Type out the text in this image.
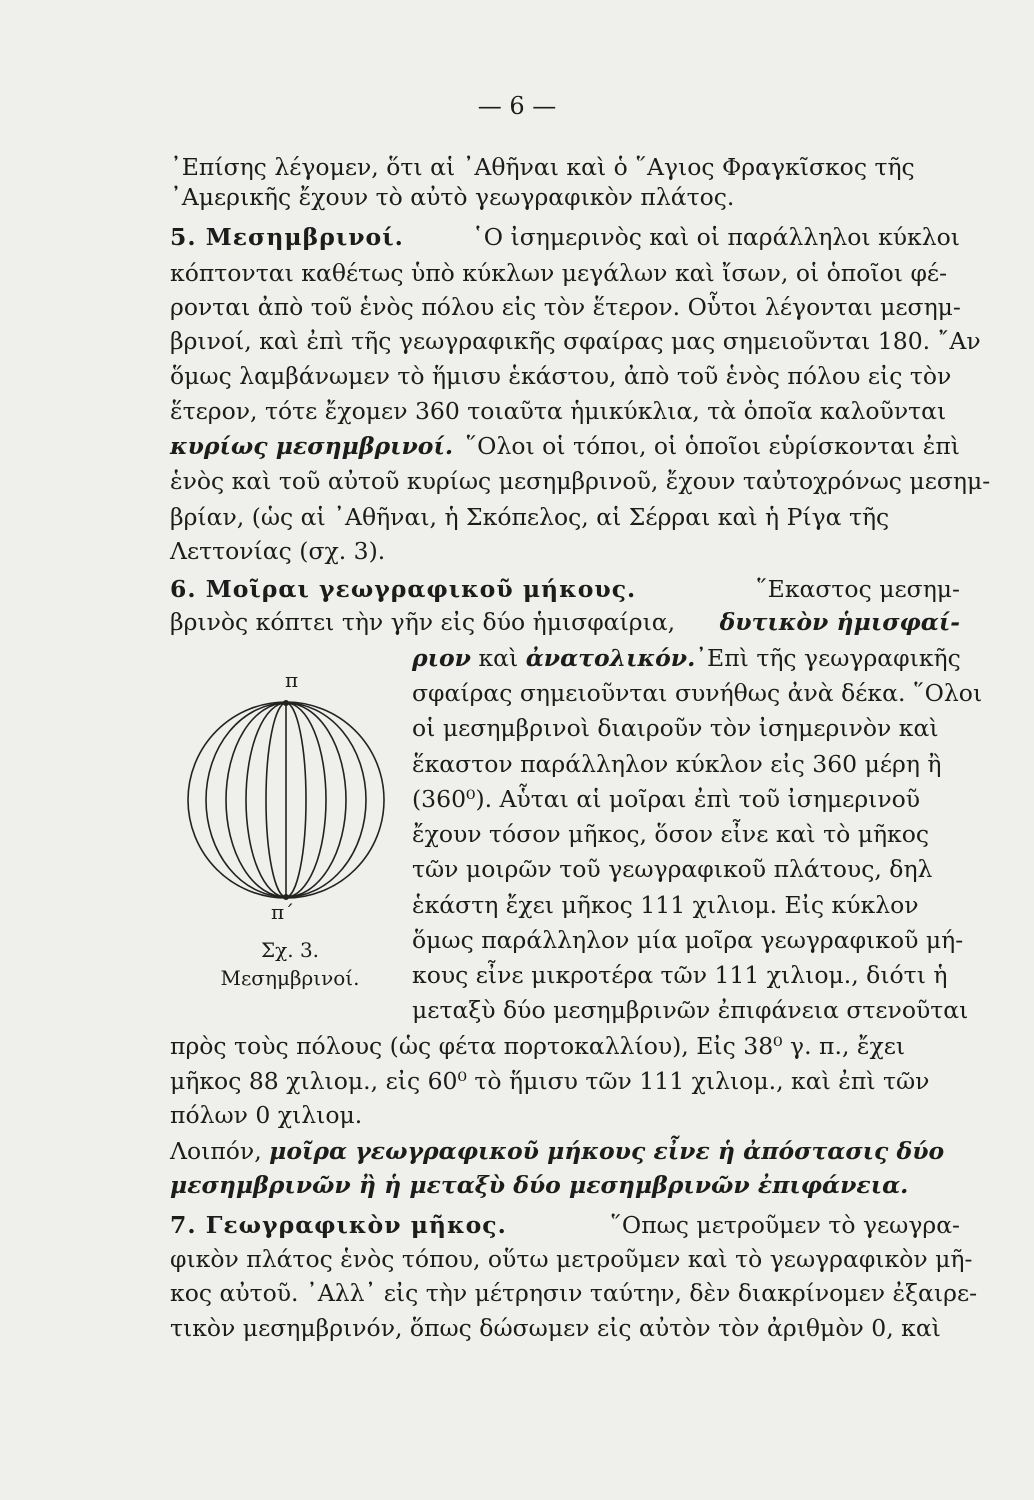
— 6 —
᾿Επίσης λέγομεν, ὅτι αἱ ᾿Αθῆναι καὶ ὁ ῞Αγιος Φραγκῖσκος τῆς
᾿Αμερικῆς ἔχουν τὸ αὐτὸ γεωγραφικὸν πλάτος.
5. Μεσημβρινοί.	῾Ο ἰσημερινὸς καὶ οἱ παράλληλοι κύκλοι
κόπτονται καθέτως ὑπὸ κύκλων μεγάλων καὶ ἴσων, οἱ ὁποῖοι φέ-
ρονται ἀπὸ τοῦ ἑνὸς πόλου εἰς τὸν ἕτερον. Οὗτοι λέγονται μεσημ-
βρινοί, καὶ ἐπὶ τῆς γεωγραφικῆς σφαίρας μας σημειοῦνται 180. ῎Αν
ὅμως λαμβάνωμεν τὸ ἥμισυ ἑκάστου, ἀπὸ τοῦ ἑνὸς πόλου εἰς τὸν
ἕτερον, τότε ἔχομεν 360 τοιαῦτα ἡμικύκλια, τὰ ὁποῖα καλοῦνται
κυρίως μεσημβρινοί. ῞Ολοι οἱ τόποι, οἱ ὁποῖοι εὑρίσκονται ἐπὶ
ἑνὸς καὶ τοῦ αὐτοῦ κυρίως μεσημβρινοῦ, ἔχουν ταὐτοχρόνως μεσημ-
βρίαν, (ὡς αἱ ᾿Αθῆναι, ἡ Σκόπελος, αἱ Σέρραι καὶ ἡ Ρίγα τῆς
Λεττονίας (σχ. 3).
6. Μοῖραι γεωγραφικοῦ μήκους.	῞Εκαστος μεσημ-
βρινὸς κόπτει τὴν γῆν εἰς δύο ἡμισφαίρια, δυτικὸν ἡμισφαί-
ριον καὶ ἀνατολικόν. ᾿Επὶ τῆς γεωγραφικῆς
σφαίρας σημειοῦνται συνήθως ἀνὰ δέκα. ῞Ολοι
οἱ μεσημβρινοὶ διαιροῦν τὸν ἰσημερινὸν καὶ
ἕκαστον παράλληλον κύκλον εἰς 360 μέρη ἢ
(360⁰). Αὗται αἱ μοῖραι ἐπὶ τοῦ ἰσημερινοῦ
ἔχουν τόσον μῆκος, ὅσον εἶνε καὶ τὸ μῆκος
τῶν μοιρῶν τοῦ γεωγραφικοῦ πλάτους, δηλ
ἑκάστη ἔχει μῆκος 111 χιλιομ. Εἰς κύκλον
ὅμως παράλληλον μία μοῖρα γεωγραφικοῦ μή-
κους εἶνε μικροτέρα τῶν 111 χιλιομ., διότι ἡ
μεταξὺ δύο μεσημβρινῶν ἐπιφάνεια στενοῦται
πρὸς τοὺς πόλους (ὡς φέτα πορτοκαλλίου), Εἰς 38⁰ γ. π., ἔχει
μῆκος 88 χιλιομ., εἰς 60⁰ τὸ ἥμισυ τῶν 111 χιλιομ., καὶ ἐπὶ τῶν
πόλων 0 χιλιομ.
Λοιπόν, μοῖρα γεωγραφικοῦ μήκους εἶνε ἡ ἀπόστασις δύο
μεσημβρινῶν ἢ ἡ μεταξὺ δύο μεσημβρινῶν ἐπιφάνεια.
7. Γεωγραφικὸν μῆκος.	῞Οπως μετροῦμεν τὸ γεωγρα-
φικὸν πλάτος ἑνὸς τόπου, οὕτω μετροῦμεν καὶ τὸ γεωγραφικὸν μῆ-
κος αὐτοῦ. ᾿Αλλ᾿ εἰς τὴν μέτρησιν ταύτην, δὲν διακρίνομεν ἐξαιρε-
τικὸν μεσημβρινόν, ὅπως δώσωμεν εἰς αὐτὸν τὸν ἀριθμὸν 0, καὶ
π
π΄
Σχ. 3.
Μεσημβρινοί.
